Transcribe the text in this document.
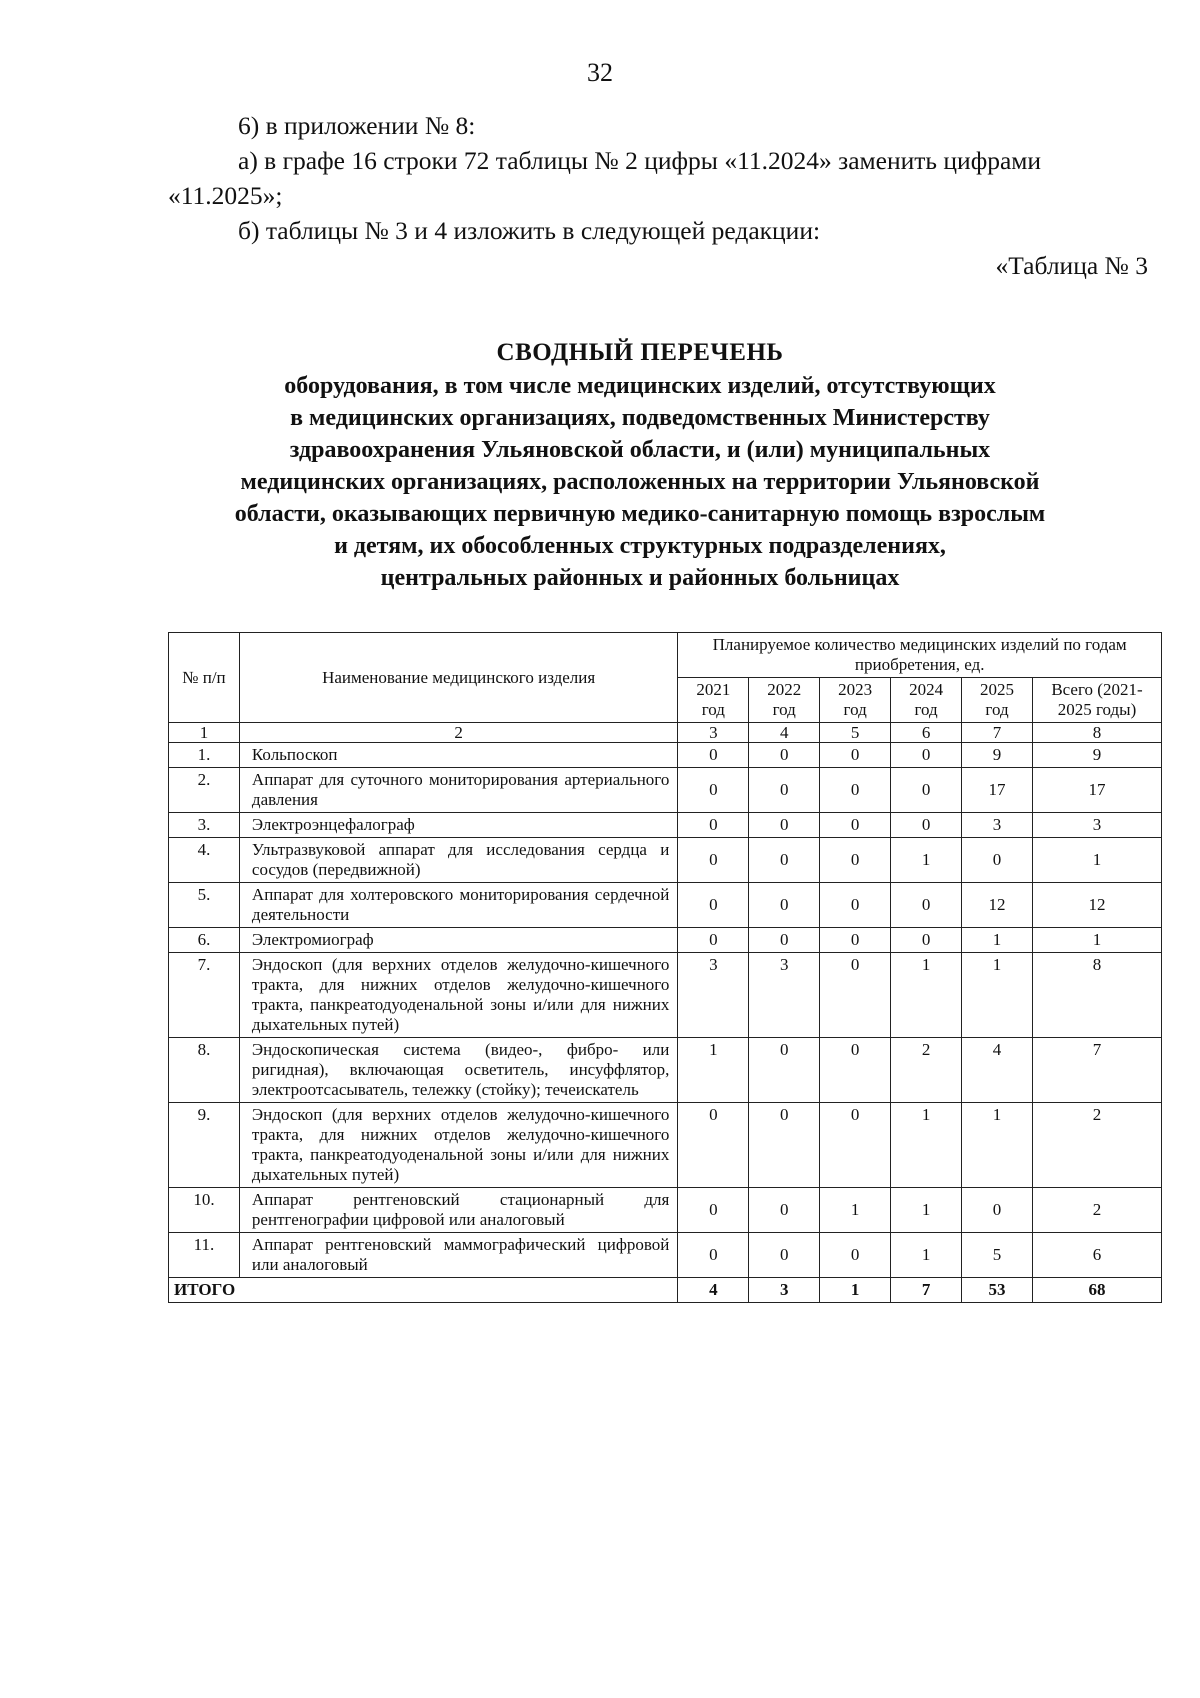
32

6) в приложении № 8:

а) в графе 16 строки 72 таблицы № 2 цифры «11.2024» заменить цифрами

«11.2025»;

б) таблицы № 3 и 4 изложить в следующей редакции:

«Таблица № 3

СВОДНЫЙ ПЕРЕЧЕНЬ
оборудования, в том числе медицинских изделий, отсутствующих
в медицинских организациях, подведомственных Министерству
здравоохранения Ульяновской области, и (или) муниципальных
медицинских организациях, расположенных на территории Ульяновской
области, оказывающих первичную медико-санитарную помощь взрослым
и детям, их обособленных структурных подразделениях,
центральных районных и районных больницах
№ п/п	Наименование медицинского изделия	Планируемое количество медицинских изделий по годам приобретения, ед.					
		2021 год	2022 год	2023 год	2024 год	2025 год	Всего (2021-2025 годы)
1	2	3	4	5	6	7	8
1.	Кольпоскоп	0	0	0	0	9	9
2.	Аппарат для суточного мониторирования артериального давления	0	0	0	0	17	17
3.	Электроэнцефалограф	0	0	0	0	3	3
4.	Ультразвуковой аппарат для исследования сердца и сосудов (передвижной)	0	0	0	1	0	1
5.	Аппарат для холтеровского мониторирования сердечной деятельности	0	0	0	0	12	12
6.	Электромиограф	0	0	0	0	1	1
7.	Эндоскоп (для верхних отделов желудочно-кишечного тракта, для нижних отделов желудочно-кишечного тракта, панкреатодуоденальной зоны и/или для нижних дыхательных путей)	3	3	0	1	1	8
8.	Эндоскопическая система (видео-, фибро- или ригидная), включающая осветитель, инсуффлятор, электроотсасыватель, тележку (стойку); течеискатель	1	0	0	2	4	7
9.	Эндоскоп (для верхних отделов желудочно-кишечного тракта, для нижних отделов желудочно-кишечного тракта, панкреатодуоденальной зоны и/или для нижних дыхательных путей)	0	0	0	1	1	2
10.	Аппарат рентгеновский стационарный для рентгенографии цифровой или аналоговый	0	0	1	1	0	2
11.	Аппарат рентгеновский маммографический цифровой или аналоговый	0	0	0	1	5	6
ИТОГО		4	3	1	7	53	68
